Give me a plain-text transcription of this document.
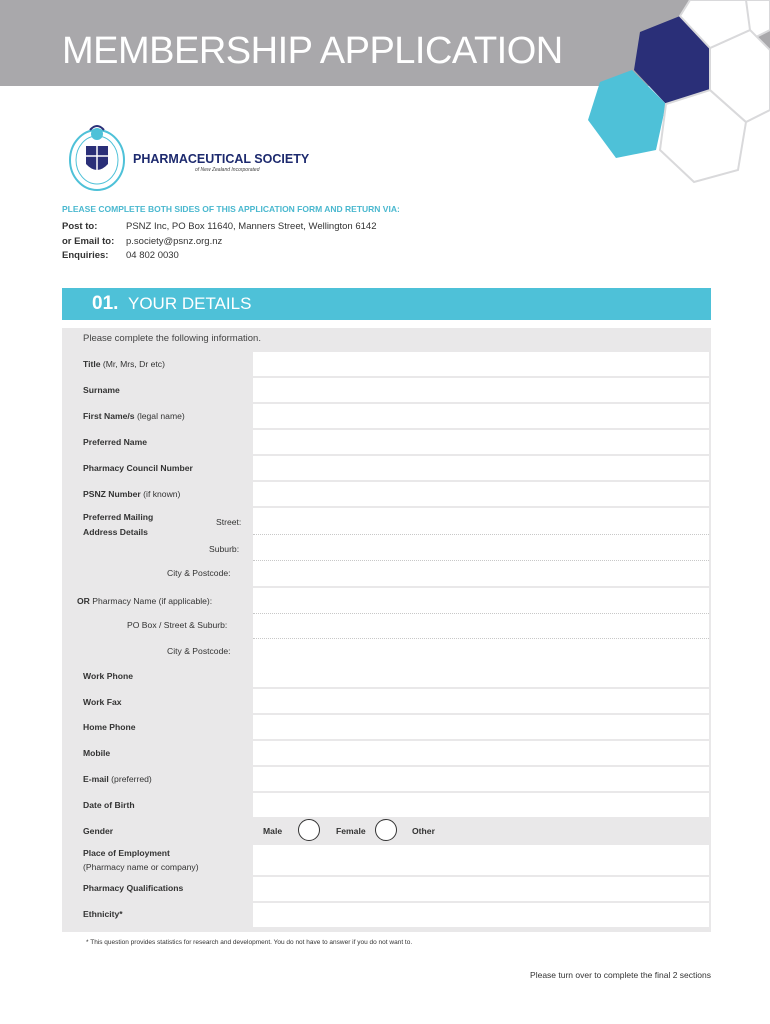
MEMBERSHIP APPLICATION
PHARMACEUTICAL SOCIETY
of New Zealand Incorporated
PLEASE COMPLETE BOTH SIDES OF THIS APPLICATION FORM AND RETURN VIA:
Post to:	PSNZ Inc, PO Box 11640, Manners Street, Wellington 6142
or Email to: p.society@psnz.org.nz
Enquiries: 04 802 0030
01. YOUR DETAILS
Please complete the following information.
Title (Mr, Mrs, Dr etc)
Surname
First Name/s (legal name)
Preferred Name
Pharmacy Council Number
PSNZ Number (if known)
Preferred Mailing
Address Details
Street:
Suburb:
City & Postcode:
OR Pharmacy Name (if applicable):
PO Box / Street & Suburb:
City & Postcode:
Work Phone
Work Fax
Home Phone
Mobile
E-mail (preferred)
Date of Birth
Gender	Male	Female	Other
Place of Employment
(Pharmacy name or company)
Pharmacy Qualifications
Ethnicity*
* This question provides statistics for research and development. You do not have to answer if you do not want to.
Please turn over to complete the final 2 sections
